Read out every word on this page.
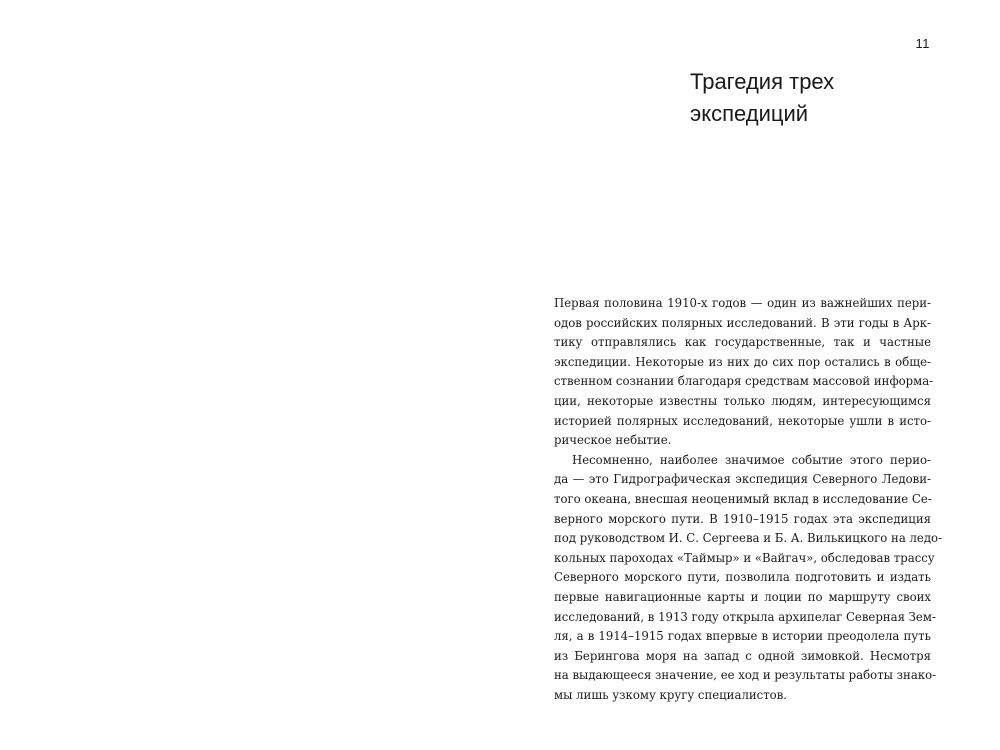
11
Трагедия трех
экспедиций
Первая половина 1910-х годов — один из важнейших пери-
одов российских полярных исследований. В эти годы в Арк-
тику отправлялись как государственные, так и частные
экспедиции. Некоторые из них до сих пор остались в обще-
ственном сознании благодаря средствам массовой информа-
ции, некоторые известны только людям, интересующимся
историей полярных исследований, некоторые ушли в исто-
рическое небытие.
Несомненно, наиболее значимое событие этого перио-
да — это Гидрографическая экспедиция Северного Ледови-
того океана, внесшая неоценимый вклад в исследование Се-
верного морского пути. В 1910–1915 годах эта экспедиция
под руководством И. С. Сергеева и Б. А. Вилькицкого на ледо-
кольных пароходах «Таймыр» и «Вайгач», обследовав трассу
Северного морского пути, позволила подготовить и издать
первые навигационные карты и лоции по маршруту своих
исследований, в 1913 году открыла архипелаг Северная Зем-
ля, а в 1914–1915 годах впервые в истории преодолела путь
из Берингова моря на запад с одной зимовкой. Несмотря
на выдающееся значение, ее ход и результаты работы знако-
мы лишь узкому кругу специалистов.
